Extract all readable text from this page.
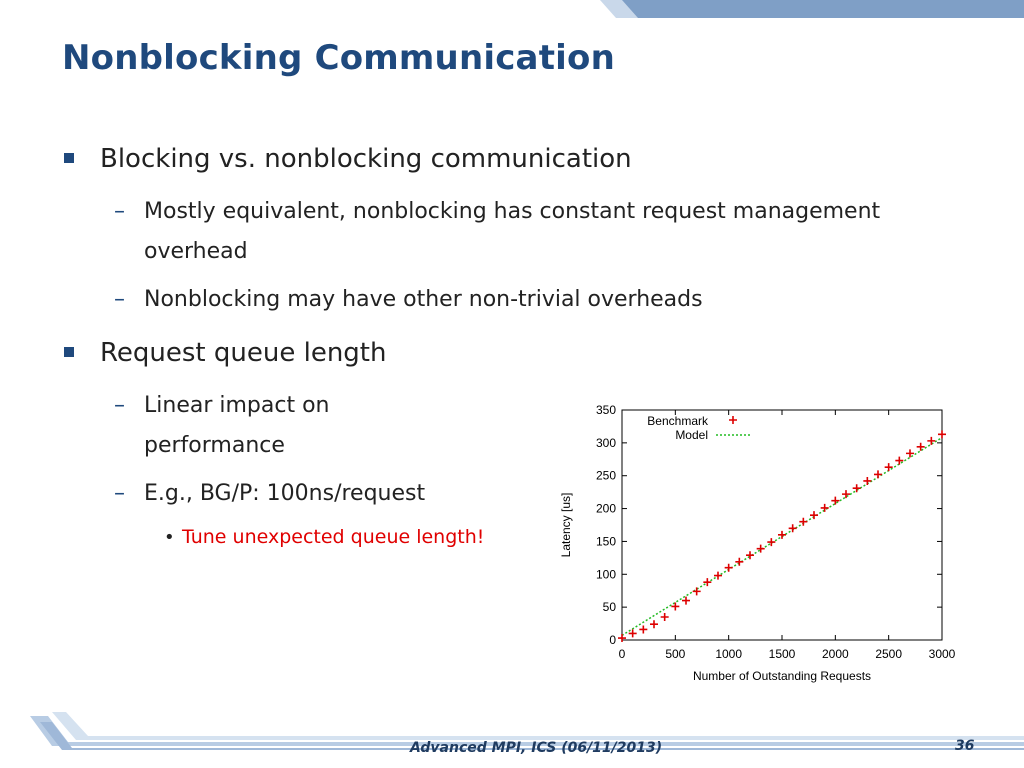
Nonblocking Communication
Blocking vs. nonblocking communication
– Mostly equivalent, nonblocking has constant request management
overhead
– Nonblocking may have other non-trivial overheads
Request queue length
– Linear impact on
performance
– E.g., BG/P: 100ns/request
• Tune unexpected queue length!
0
50
100
150
200
250
300
350
0	500 1000 1500 2000 2500 3000
Number of Outstanding Requests
Latency [us]
Benchmark
Model
Advanced MPI, ICS (06/11/2013)	36
